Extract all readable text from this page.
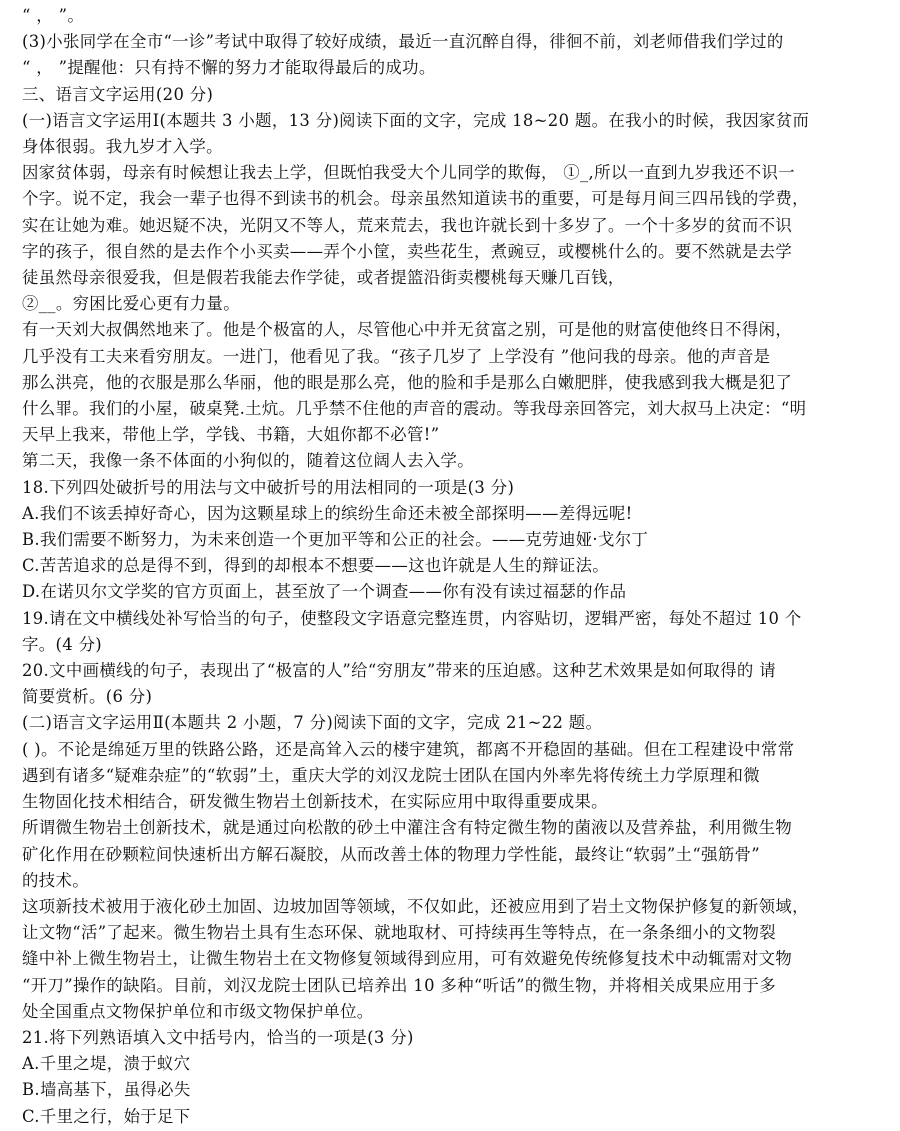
“ ， ”。
(3)小张同学在全市“一诊”考试中取得了较好成绩，最近一直沉醉自得，徘徊不前，刘老师借我们学过的
“ ， ”提醒他：只有持不懈的努力才能取得最后的成功。
三、语言文字运用(20 分)
(一)语言文字运用Ⅰ(本题共 3 小题，13 分)阅读下面的文字，完成 18~20 题。在我小的时候，我因家贫而
身体很弱。我九岁才入学。
因家贫体弱，母亲有时候想让我去上学，但既怕我受大个儿同学的欺侮， ①_,所以一直到九岁我还不识一
个字。说不定，我会一辈子也得不到读书的机会。母亲虽然知道读书的重要，可是每月间三四吊钱的学费，
实在让她为难。她迟疑不决，光阴又不等人，荒来荒去，我也许就长到十多岁了。一个十多岁的贫而不识
字的孩子，很自然的是去作个小买卖——弄个小筐，卖些花生，煮豌豆，或樱桃什么的。要不然就是去学
徒虽然母亲很爱我，但是假若我能去作学徒，或者提篮沿街卖樱桃每天赚几百钱，
②__。穷困比爱心更有力量。
有一天刘大叔偶然地来了。他是个极富的人，尽管他心中并无贫富之别，可是他的财富使他终日不得闲，
几乎没有工夫来看穷朋友。一进门，他看见了我。“孩子几岁了 上学没有 ”他问我的母亲。他的声音是
那么洪亮，他的衣服是那么华丽，他的眼是那么亮，他的脸和手是那么白嫩肥胖，使我感到我大概是犯了
什么罪。我们的小屋，破桌凳.土炕。几乎禁不住他的声音的震动。等我母亲回答完，刘大叔马上决定：“明
天早上我来，带他上学，学钱、书籍，大姐你都不必管!”
第二天，我像一条不体面的小狗似的，随着这位阔人去入学。
18.下列四处破折号的用法与文中破折号的用法相同的一项是(3 分)
A.我们不该丢掉好奇心，因为这颗星球上的缤纷生命还未被全部探明——差得远呢!
B.我们需要不断努力，为未来创造一个更加平等和公正的社会。——克劳迪娅·戈尔丁
C.苦苦追求的总是得不到，得到的却根本不想要——这也许就是人生的辩证法。
D.在诺贝尔文学奖的官方页面上，甚至放了一个调查——你有没有读过福瑟的作品
19.请在文中横线处补写恰当的句子，使整段文字语意完整连贯，内容贴切，逻辑严密，每处不超过 10 个
字。(4 分)
20.文中画横线的句子，表现出了“极富的人”给“穷朋友”带来的压迫感。这种艺术效果是如何取得的 请
简要赏析。(6 分)
(二)语言文字运用Ⅱ(本题共 2 小题，7 分)阅读下面的文字，完成 21~22 题。
( )。不论是绵延万里的铁路公路，还是高耸入云的楼宇建筑，都离不开稳固的基础。但在工程建设中常常
遇到有诸多“疑难杂症”的“软弱”土，重庆大学的刘汉龙院士团队在国内外率先将传统土力学原理和微
生物固化技术相结合，研发微生物岩土创新技术，在实际应用中取得重要成果。
所谓微生物岩土创新技术，就是通过向松散的砂土中灌注含有特定微生物的菌液以及营养盐，利用微生物
矿化作用在砂颗粒间快速析出方解石凝胶，从而改善土体的物理力学性能，最终让“软弱”土“强筋骨”
的技术。
这项新技术被用于液化砂土加固、边坡加固等领域，不仅如此，还被应用到了岩土文物保护修复的新领域，
让文物“活”了起来。微生物岩土具有生态环保、就地取材、可持续再生等特点，在一条条细小的文物裂
缝中补上微生物岩土，让微生物岩土在文物修复领域得到应用，可有效避免传统修复技术中动辄需对文物
“开刀”操作的缺陷。目前，刘汉龙院士团队已培养出 10 多种“听话”的微生物，并将相关成果应用于多
处全国重点文物保护单位和市级文物保护单位。
21.将下列熟语填入文中括号内，恰当的一项是(3 分)
A.千里之堤，溃于蚁穴
B.墙高基下，虽得必失
C.千里之行，始于足下
